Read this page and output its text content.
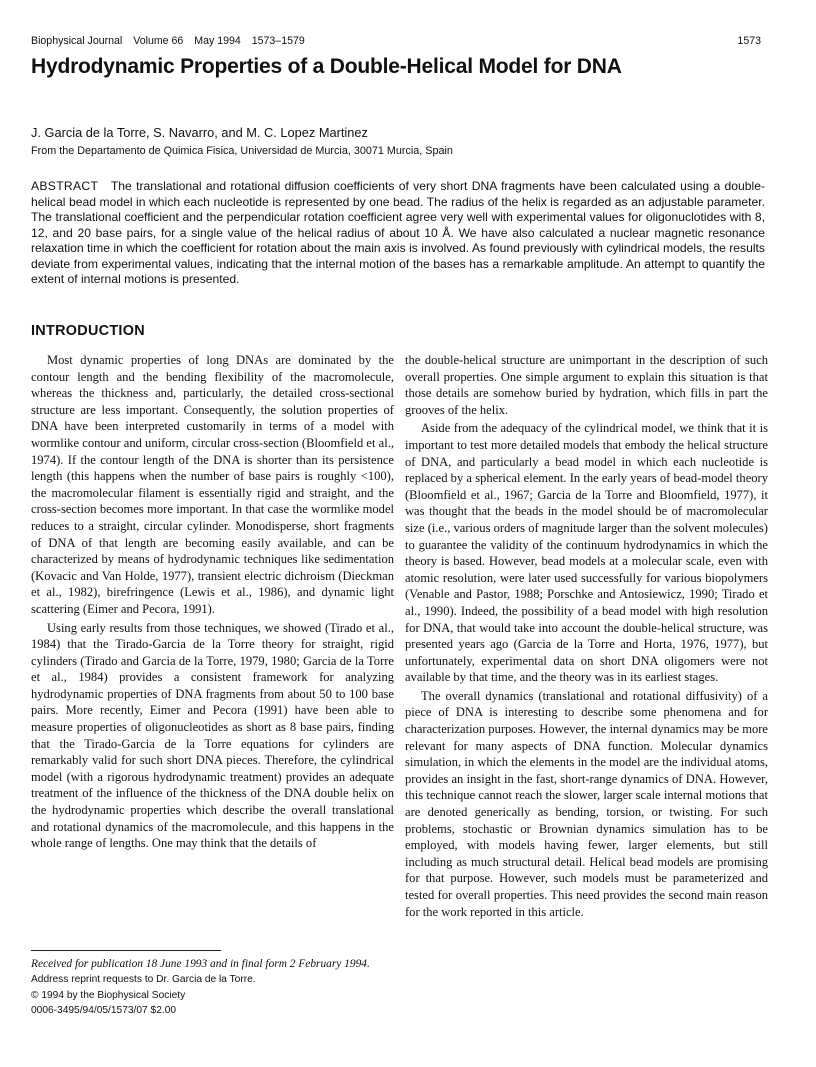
Biophysical Journal Volume 66 May 1994 1573–1579	1573
Hydrodynamic Properties of a Double-Helical Model for DNA

J. Garcia de la Torre, S. Navarro, and M. C. Lopez Martinez

From the Departamento de Quimica Fisica, Universidad de Murcia, 30071 Murcia, Spain

ABSTRACT The translational and rotational diffusion coefficients of very short DNA fragments have been calculated using a double-helical bead model in which each nucleotide is represented by one bead. The radius of the helix is regarded as an adjustable parameter. The translational coefficient and the perpendicular rotation coefficient agree very well with experimental values for oligonuclotides with 8, 12, and 20 base pairs, for a single value of the helical radius of about 10 Å. We have also calculated a nuclear magnetic resonance relaxation time in which the coefficient for rotation about the main axis is involved. As found previously with cylindrical models, the results deviate from experimental values, indicating that the internal motion of the bases has a remarkable amplitude. An attempt to quantify the extent of internal motions is presented.

INTRODUCTION

Most dynamic properties of long DNAs are dominated by the contour length and the bending flexibility of the macromolecule, whereas the thickness and, particularly, the detailed cross-sectional structure are less important. Consequently, the solution properties of DNA have been interpreted customarily in terms of a model with wormlike contour and uniform, circular cross-section (Bloomfield et al., 1974). If the contour length of the DNA is shorter than its persistence length (this happens when the number of base pairs is roughly <100), the macromolecular filament is essentially rigid and straight, and the cross-section becomes more important. In that case the wormlike model reduces to a straight, circular cylinder. Monodisperse, short fragments of DNA of that length are becoming easily available, and can be characterized by means of hydrodynamic techniques like sedimentation (Kovacic and Van Holde, 1977), transient electric dichroism (Dieckman et al., 1982), birefringence (Lewis et al., 1986), and dynamic light scattering (Eimer and Pecora, 1991).

Using early results from those techniques, we showed (Tirado et al., 1984) that the Tirado-Garcia de la Torre theory for straight, rigid cylinders (Tirado and Garcia de la Torre, 1979, 1980; Garcia de la Torre et al., 1984) provides a consistent framework for analyzing hydrodynamic properties of DNA fragments from about 50 to 100 base pairs. More recently, Eimer and Pecora (1991) have been able to measure properties of oligonucleotides as short as 8 base pairs, finding that the Tirado-Garcia de la Torre equations for cylinders are remarkably valid for such short DNA pieces. Therefore, the cylindrical model (with a rigorous hydrodynamic treatment) provides an adequate treatment of the influence of the thickness of the DNA double helix on the hydrodynamic properties which describe the overall translational and rotational dynamics of the macromolecule, and this happens in the whole range of lengths. One may think that the details of

the double-helical structure are unimportant in the description of such overall properties. One simple argument to explain this situation is that those details are somehow buried by hydration, which fills in part the grooves of the helix.

Aside from the adequacy of the cylindrical model, we think that it is important to test more detailed models that embody the helical structure of DNA, and particularly a bead model in which each nucleotide is replaced by a spherical element. In the early years of bead-model theory (Bloomfield et al., 1967; Garcia de la Torre and Bloomfield, 1977), it was thought that the beads in the model should be of macromolecular size (i.e., various orders of magnitude larger than the solvent molecules) to guarantee the validity of the continuum hydrodynamics in which the theory is based. However, bead models at a molecular scale, even with atomic resolution, were later used successfully for various biopolymers (Venable and Pastor, 1988; Porschke and Antosiewicz, 1990; Tirado et al., 1990). Indeed, the possibility of a bead model with high resolution for DNA, that would take into account the double-helical structure, was presented years ago (Garcia de la Torre and Horta, 1976, 1977), but unfortunately, experimental data on short DNA oligomers were not available by that time, and the theory was in its earliest stages.

The overall dynamics (translational and rotational diffusivity) of a piece of DNA is interesting to describe some phenomena and for characterization purposes. However, the internal dynamics may be more relevant for many aspects of DNA function. Molecular dynamics simulation, in which the elements in the model are the individual atoms, provides an insight in the fast, short-range dynamics of DNA. However, this technique cannot reach the slower, larger scale internal motions that are denoted generically as bending, torsion, or twisting. For such problems, stochastic or Brownian dynamics simulation has to be employed, with models having fewer, larger elements, but still including as much structural detail. Helical bead models are promising for that purpose. However, such models must be parameterized and tested for overall properties. This need provides the second main reason for the work reported in this article.

Received for publication 18 June 1993 and in final form 2 February 1994.
Address reprint requests to Dr. Garcia de la Torre.
© 1994 by the Biophysical Society
0006-3495/94/05/1573/07 $2.00
